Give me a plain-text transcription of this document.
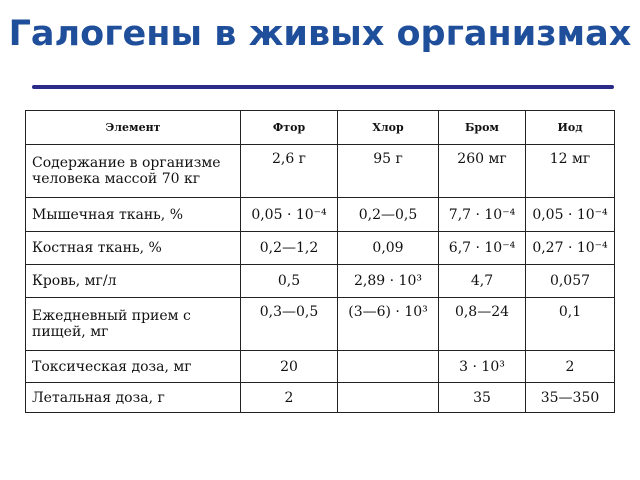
Галогены в живых организмах
Элемент	Фтор	Хлор	Бром	Иод
Содержание в организме человека массой 70 кг	2,6 г	95 г	260 мг	12 мг
Мышечная ткань, %	0,05 · 10⁻⁴	0,2—0,5	7,7 · 10⁻⁴	0,05 · 10⁻⁴
Костная ткань, %	0,2—1,2	0,09	6,7 · 10⁻⁴	0,27 · 10⁻⁴
Кровь, мг/л	0,5	2,89 · 10³	4,7	0,057
Ежедневный прием с пищей, мг	0,3—0,5	(3—6) · 10³	0,8—24	0,1
Токсическая доза, мг	20		3 · 10³	2
Летальная доза, г	2		35	35—350
